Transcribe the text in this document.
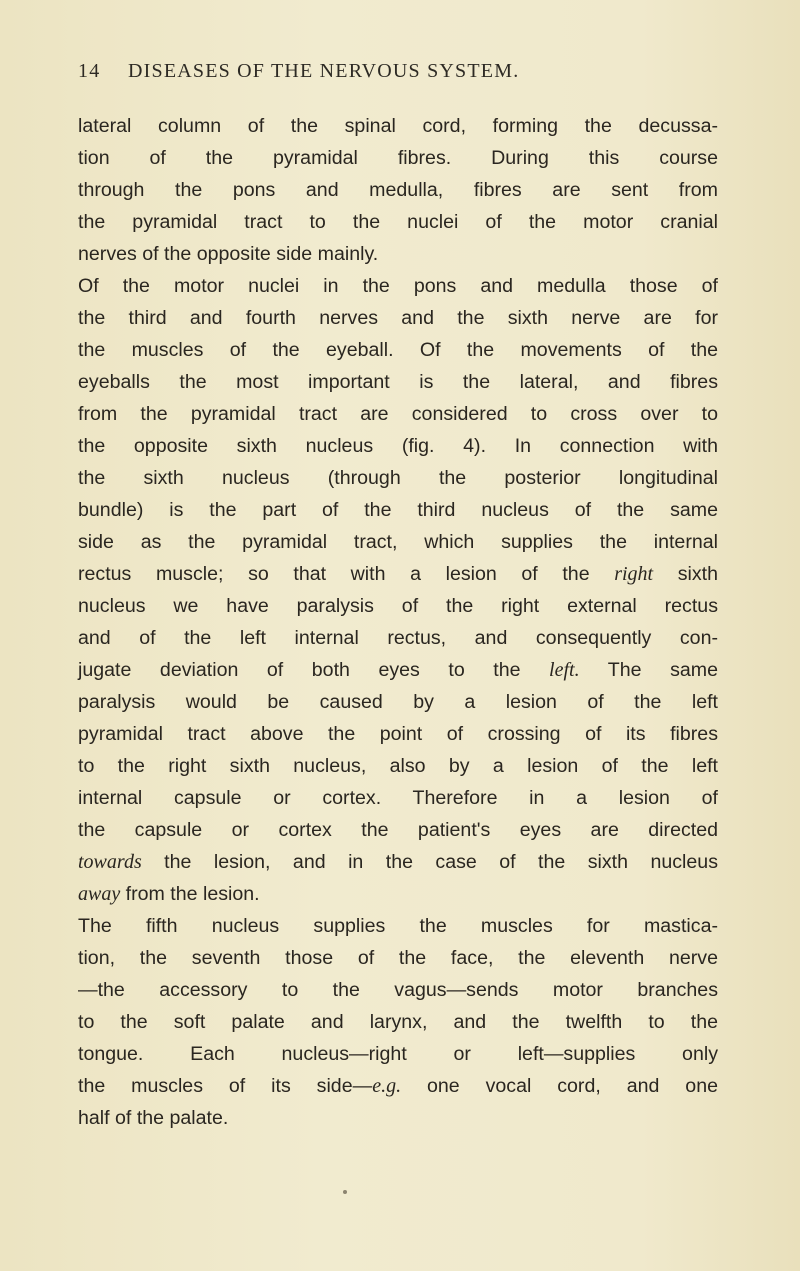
14 DISEASES OF THE NERVOUS SYSTEM.
lateral column of the spinal cord, forming the decussa-
tion of the pyramidal fibres. During this course
through the pons and medulla, fibres are sent from
the pyramidal tract to the nuclei of the motor cranial
nerves of the opposite side mainly.
Of the motor nuclei in the pons and medulla those of
the third and fourth nerves and the sixth nerve are for
the muscles of the eyeball. Of the movements of the
eyeballs the most important is the lateral, and fibres
from the pyramidal tract are considered to cross over to
the opposite sixth nucleus (fig. 4). In connection with
the sixth nucleus (through the posterior longitudinal
bundle) is the part of the third nucleus of the same
side as the pyramidal tract, which supplies the internal
rectus muscle; so that with a lesion of the right sixth
nucleus we have paralysis of the right external rectus
and of the left internal rectus, and consequently con-
jugate deviation of both eyes to the left. The same
paralysis would be caused by a lesion of the left
pyramidal tract above the point of crossing of its fibres
to the right sixth nucleus, also by a lesion of the left
internal capsule or cortex. Therefore in a lesion of
the capsule or cortex the patient's eyes are directed
towards the lesion, and in the case of the sixth nucleus
away from the lesion.
The fifth nucleus supplies the muscles for mastica-
tion, the seventh those of the face, the eleventh nerve
—the accessory to the vagus—sends motor branches
to the soft palate and larynx, and the twelfth to the
tongue. Each nucleus—right or left—supplies only
the muscles of its side—e.g. one vocal cord, and one
half of the palate.
